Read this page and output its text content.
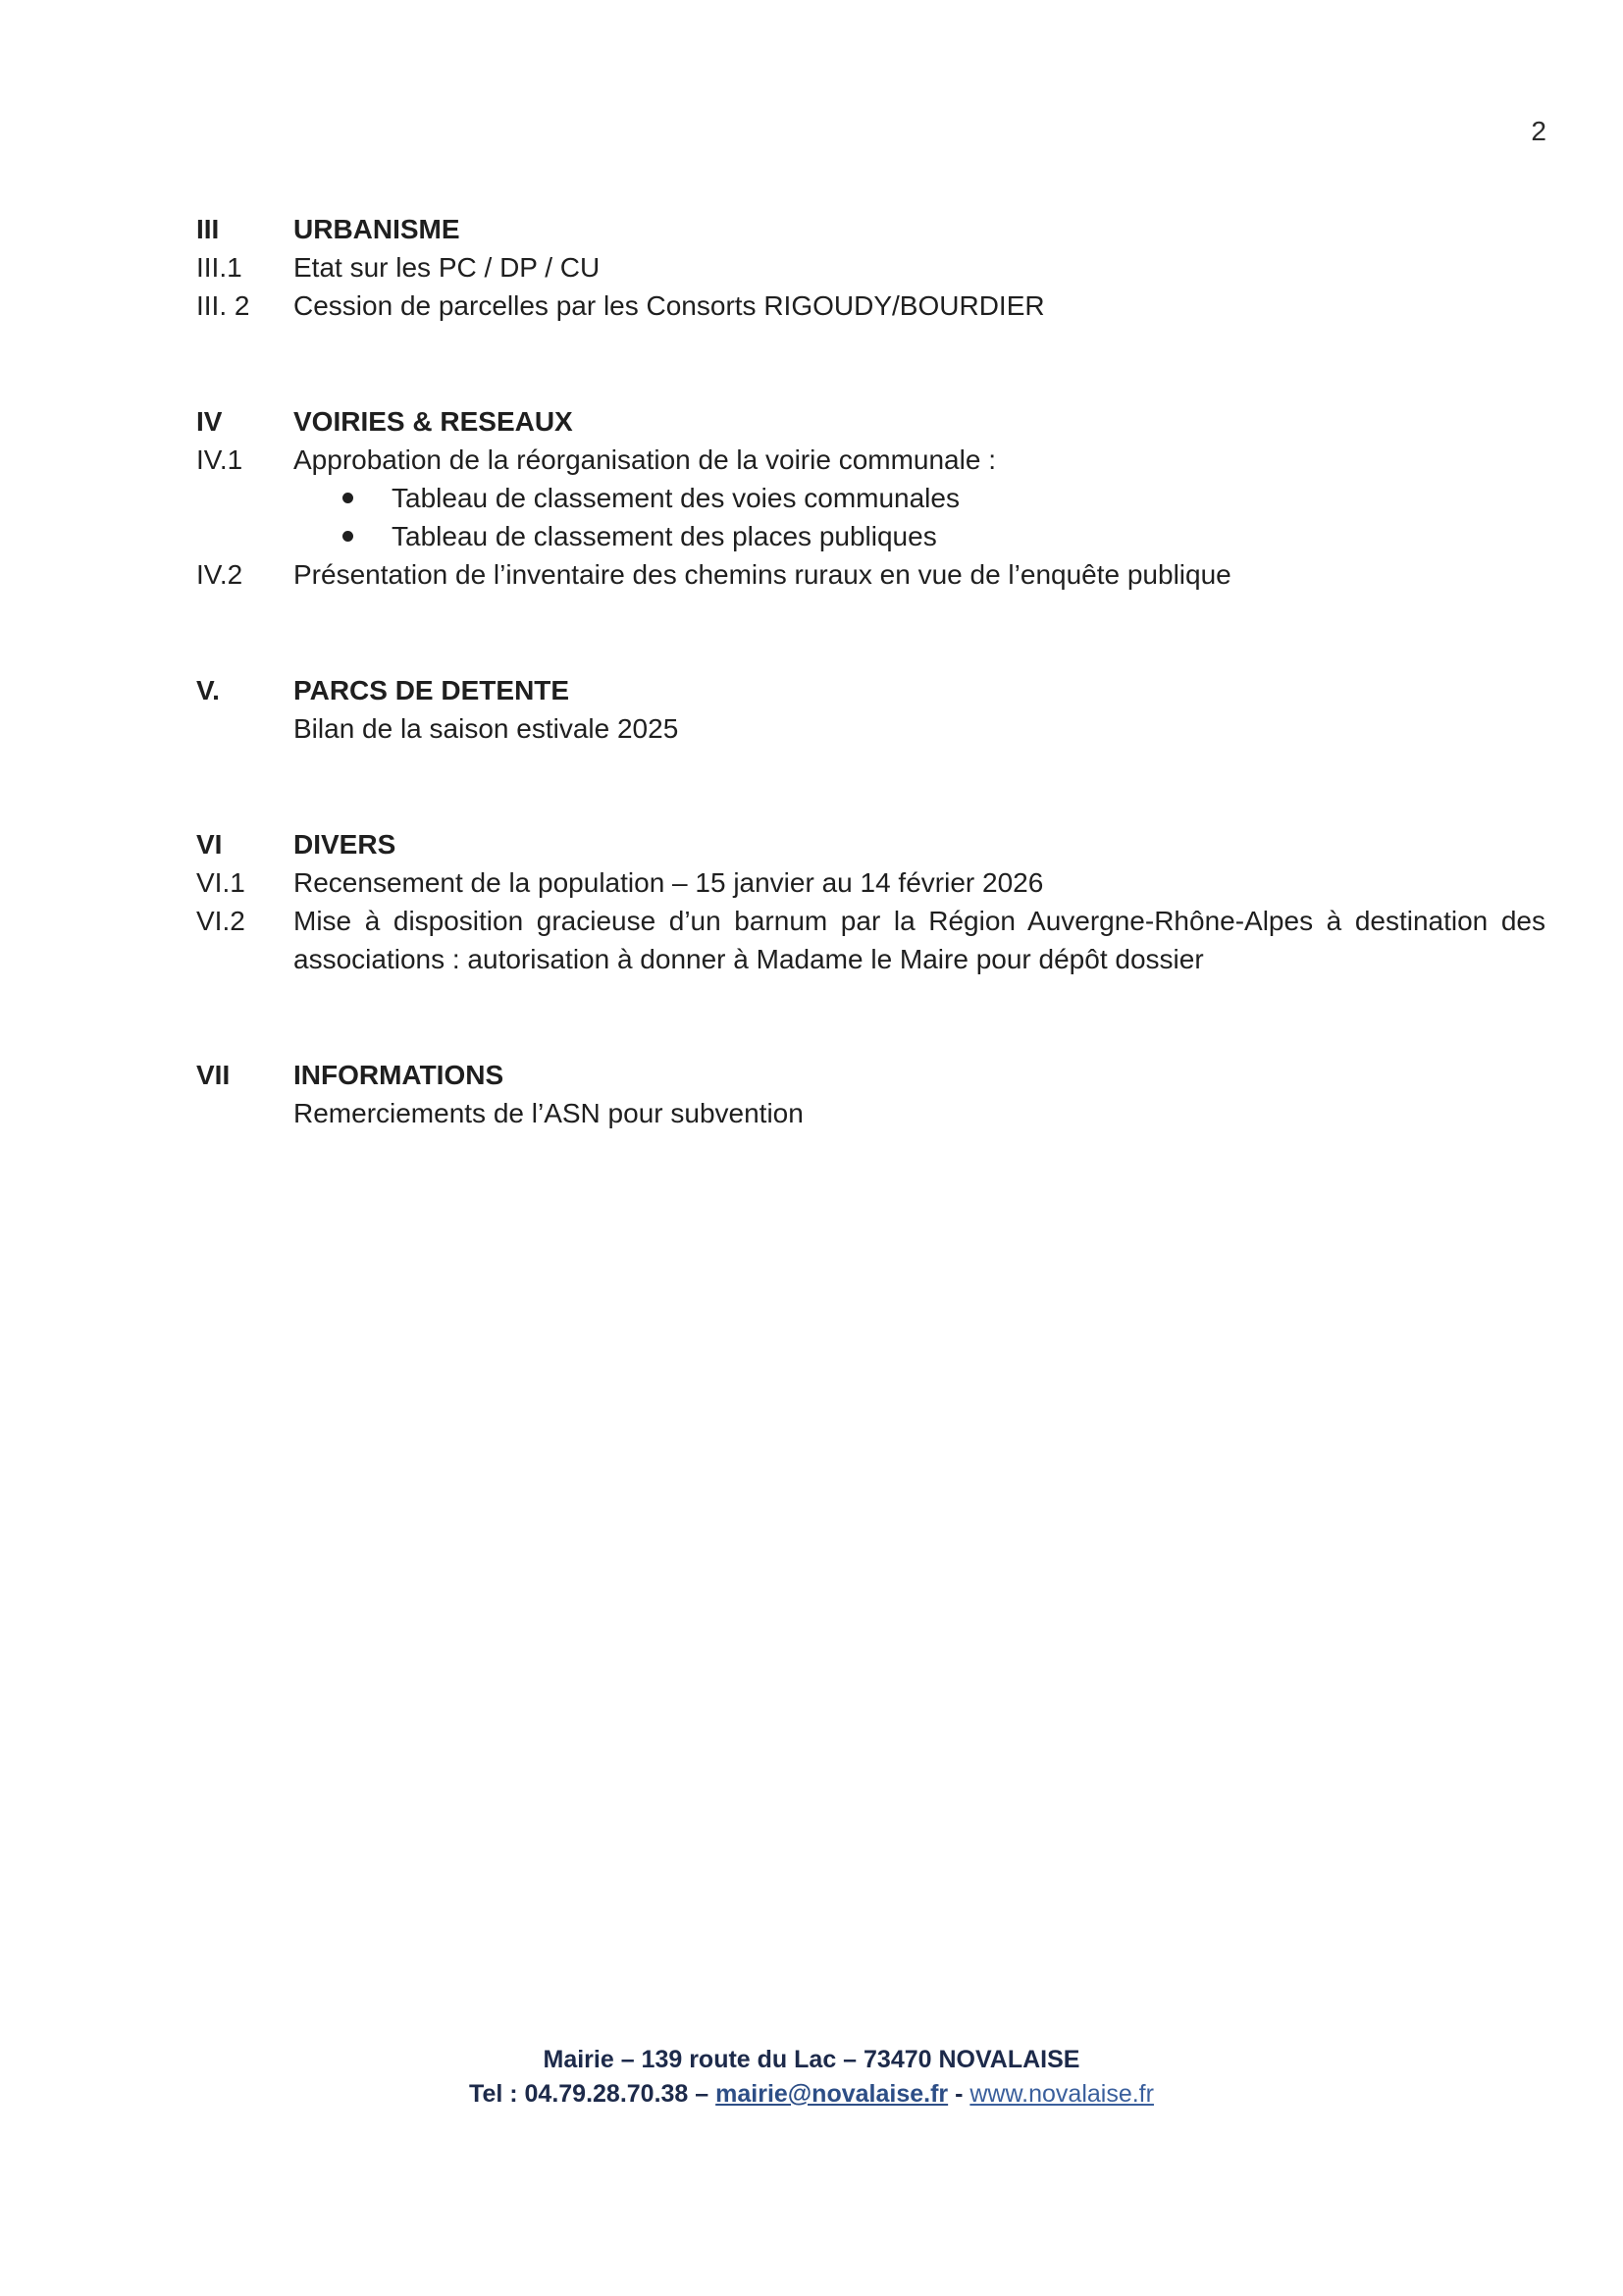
2
III	URBANISME
III.1	Etat sur les PC / DP / CU
III. 2	Cession de parcelles par les Consorts RIGOUDY/BOURDIER
IV	VOIRIES & RESEAUX
IV.1	Approbation de la réorganisation de la voirie communale :
Tableau de classement des voies communales
Tableau de classement des places publiques
IV.2	Présentation de l’inventaire des chemins ruraux en vue de l’enquête publique
V.	PARCS DE DETENTE
Bilan de la saison estivale 2025
VI	DIVERS
VI.1	Recensement de la population – 15 janvier au 14 février 2026
VI.2	Mise à disposition gracieuse d’un barnum par la Région Auvergne-Rhône-Alpes à destination des associations : autorisation à donner à Madame le Maire pour dépôt dossier
VII	INFORMATIONS
Remerciements de l’ASN pour subvention
Mairie – 139 route du Lac – 73470 NOVALAISE
Tel : 04.79.28.70.38 – mairie@novalaise.fr - www.novalaise.fr
